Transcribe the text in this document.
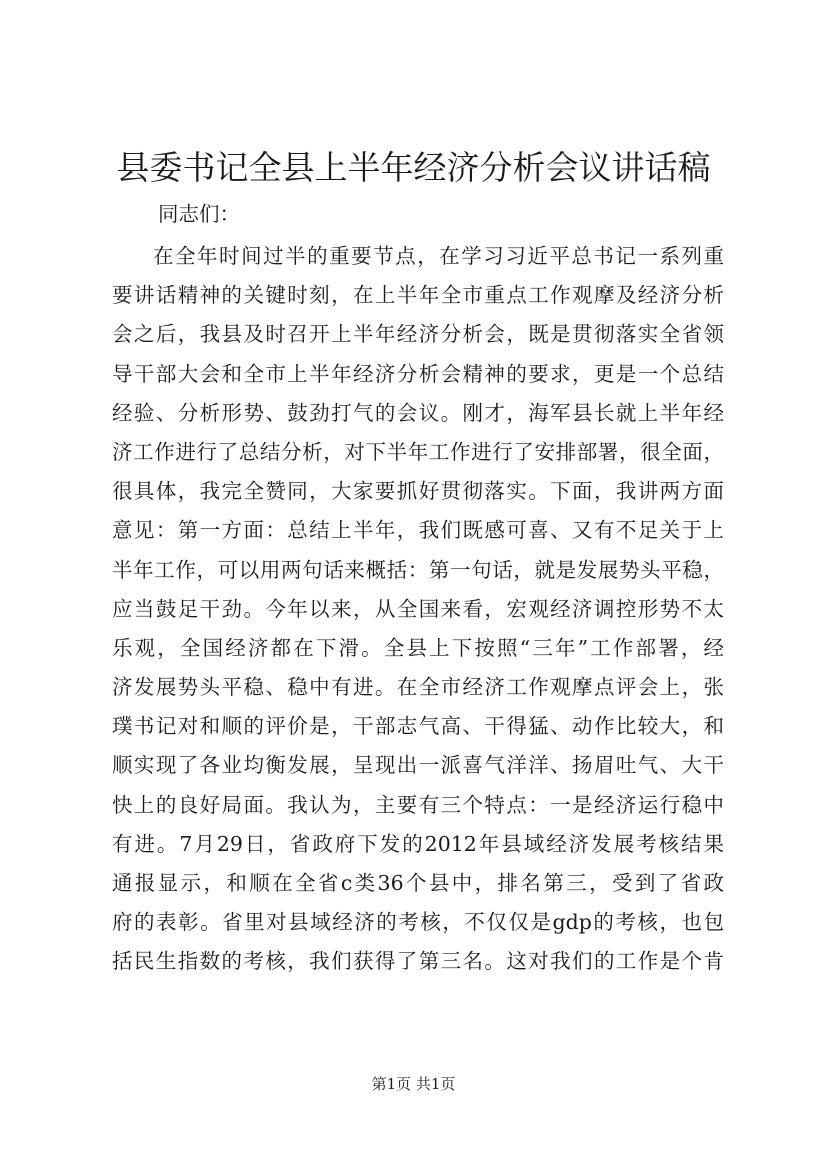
县委书记全县上半年经济分析会议讲话稿

同志们：

在全年时间过半的重要节点，在学习习近平总书记一系列重
要讲话精神的关键时刻，在上半年全市重点工作观摩及经济分析
会之后，我县及时召开上半年经济分析会，既是贯彻落实全省领
导干部大会和全市上半年经济分析会精神的要求，更是一个总结
经验、分析形势、鼓劲打气的会议。刚才，海军县长就上半年经
济工作进行了总结分析，对下半年工作进行了安排部署，很全面，
很具体，我完全赞同，大家要抓好贯彻落实。下面，我讲两方面
意见：第一方面：总结上半年，我们既感可喜、又有不足关于上
半年工作，可以用两句话来概括：第一句话，就是发展势头平稳，
应当鼓足干劲。今年以来，从全国来看，宏观经济调控形势不太
乐观，全国经济都在下滑。全县上下按照“三年”工作部署，经
济发展势头平稳、稳中有进。在全市经济工作观摩点评会上，张
璞书记对和顺的评价是，干部志气高、干得猛、动作比较大，和
顺实现了各业均衡发展，呈现出一派喜气洋洋、扬眉吐气、大干
快上的良好局面。我认为，主要有三个特点：一是经济运行稳中
有进。7月29日，省政府下发的2012年县域经济发展考核结果
通报显示，和顺在全省c类36个县中，排名第三，受到了省政
府的表彰。省里对县域经济的考核，不仅仅是gdp的考核，也包
括民生指数的考核，我们获得了第三名。这对我们的工作是个肯
第1页 共1页
